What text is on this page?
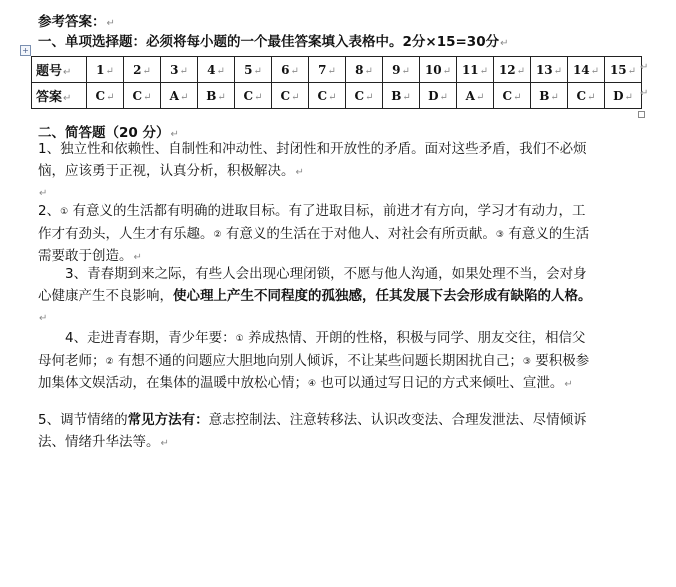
参考答案：↵
一、单项选择题：必须将每小题的一个最佳答案填入表格中。2分×15=30分↵
+
题号↵	1↵	2↵	3↵	4↵	5↵	6↵	7↵	8↵	9↵	10↵	11↵	12↵	13↵	14↵	15↵
答案↵	C↵	C↵	A↵	B↵	C↵	C↵	C↵	C↵	B↵	D↵	A↵	C↵	B↵	C↵	D↵
↵
↵
二、简答题（20 分）↵
1、独立性和依赖性、自制性和冲动性、封闭性和开放性的矛盾。面对这些矛盾，我们不必烦恼，应该勇于正视，认真分析，积极解决。↵
↵
2、① 有意义的生活都有明确的进取目标。有了进取目标，前进才有方向，学习才有动力，工作才有劲头，人生才有乐趣。② 有意义的生活在于对他人、对社会有所贡献。③ 有意义的生活需要敢于创造。↵
3、青春期到来之际，有些人会出现心理闭锁，不愿与他人沟通，如果处理不当，会对身心健康产生不良影响，使心理上产生不同程度的孤独感，任其发展下去会形成有缺陷的人格。↵
4、走进青春期，青少年要：① 养成热情、开朗的性格，积极与同学、朋友交往，相信父母何老师；② 有想不通的问题应大胆地向别人倾诉，不让某些问题长期困扰自己；③ 要积极参加集体文娱活动，在集体的温暖中放松心情；④ 也可以通过写日记的方式来倾吐、宣泄。↵
5、调节情绪的常见方法有：意志控制法、注意转移法、认识改变法、合理发泄法、尽情倾诉法、情绪升华法等。↵
